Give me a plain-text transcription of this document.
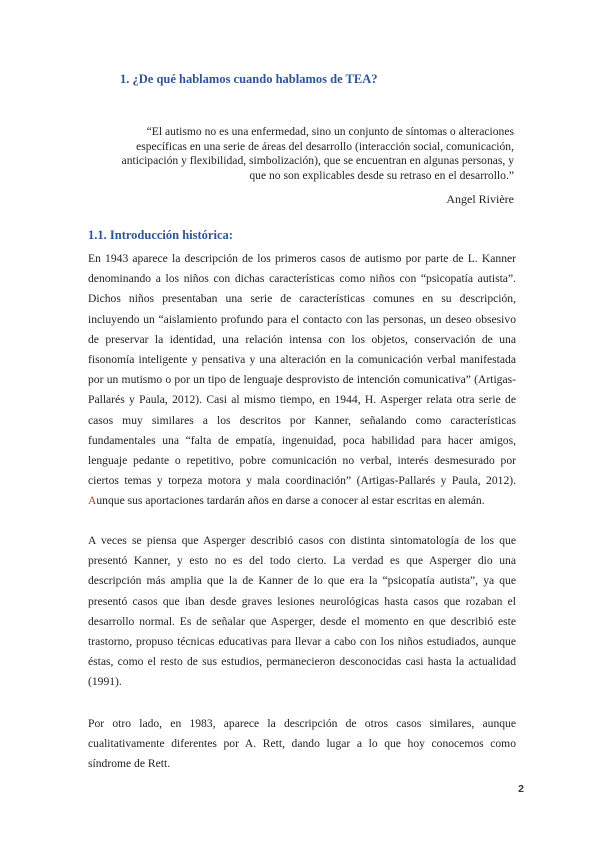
1. ¿De qué hablamos cuando hablamos de TEA?

“El autismo no es una enfermedad, sino un conjunto de síntomas o alteraciones específicas en una serie de áreas del desarrollo (interacción social, comunicación, anticipación y flexibilidad, simbolización), que se encuentran en algunas personas, y que no son explicables desde su retraso en el desarrollo.”

Angel Rivière

1.1. Introducción histórica:

En 1943 aparece la descripción de los primeros casos de autismo por parte de L. Kanner denominando a los niños con dichas características como niños con “psicopatía autista”. Dichos niños presentaban una serie de características comunes en su descripción, incluyendo un “aislamiento profundo para el contacto con las personas, un deseo obsesivo de preservar la identidad, una relación intensa con los objetos, conservación de una fisonomía inteligente y pensativa y una alteración en la comunicación verbal manifestada por un mutismo o por un tipo de lenguaje desprovisto de intención comunicativa” (Artigas-Pallarés y Paula, 2012). Casi al mismo tiempo, en 1944, H. Asperger relata otra serie de casos muy similares a los descritos por Kanner, señalando como características fundamentales una “falta de empatía, ingenuidad, poca habilidad para hacer amigos, lenguaje pedante o repetitivo, pobre comunicación no verbal, interés desmesurado por ciertos temas y torpeza motora y mala coordinación” (Artigas-Pallarés y Paula, 2012). Aunque sus aportaciones tardarán años en darse a conocer al estar escritas en alemán.

A veces se piensa que Asperger describió casos con distinta sintomatología de los que presentó Kanner, y esto no es del todo cierto. La verdad es que Asperger dio una descripción más amplia que la de Kanner de lo que era la “psicopatía autista”, ya que presentó casos que iban desde graves lesiones neurológicas hasta casos que rozaban el desarrollo normal. Es de señalar que Asperger, desde el momento en que describió este trastorno, propuso técnicas educativas para llevar a cabo con los niños estudiados, aunque éstas, como el resto de sus estudios, permanecieron desconocidas casi hasta la actualidad (1991).

Por otro lado, en 1983, aparece la descripción de otros casos similares, aunque cualitativamente diferentes por A. Rett, dando lugar a lo que hoy conocemos como síndrome de Rett.

2
